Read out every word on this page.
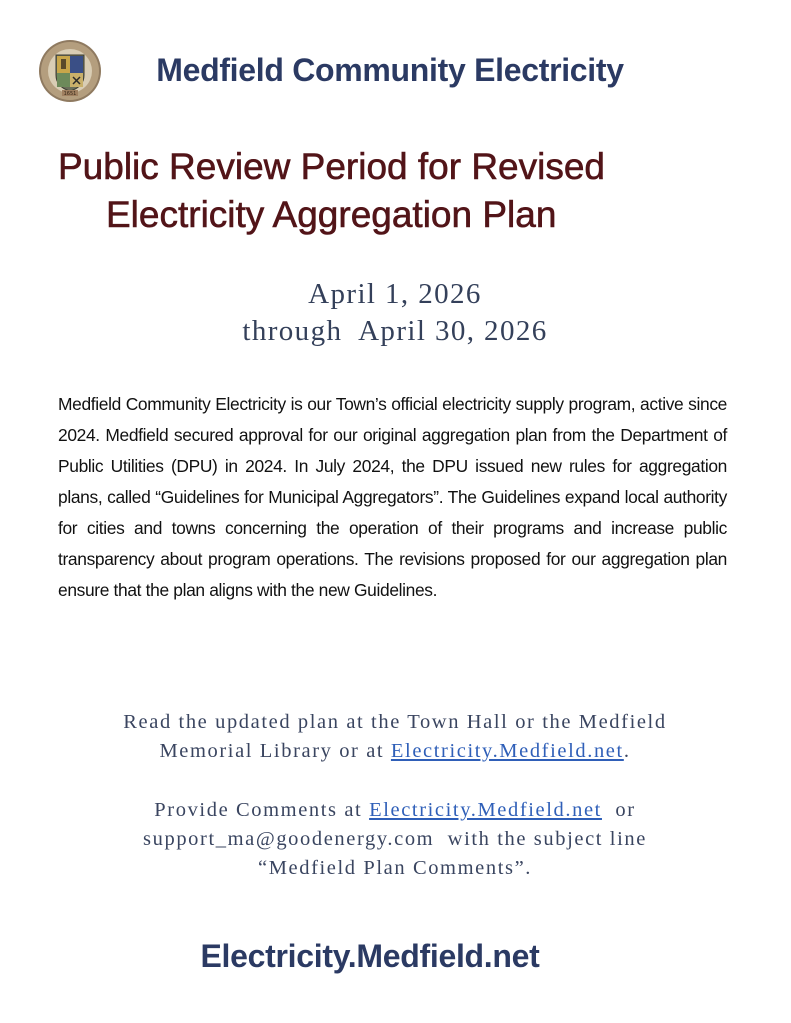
1651
Medfield Community Electricity
Public Review Period for Revised
Electricity Aggregation Plan
April 1, 2026
through  April 30, 2026

Medfield Community Electricity is our Town’s official electricity supply program, active since 2024. Medfield secured approval for our original aggregation plan from the Department of Public Utilities (DPU) in 2024. In July 2024, the DPU issued new rules for aggregation plans, called “Guidelines for Municipal Aggregators”. The Guidelines expand local authority for cities and towns concerning the operation of their programs and increase public transparency about program operations. The revisions proposed for our aggregation plan ensure that the plan aligns with the new Guidelines.

Read the updated plan at the Town Hall or the Medfield
Memorial Library or at Electricity.Medfield.net.

Provide Comments at Electricity.Medfield.net  or
support_ma@goodenergy.com  with the subject line
“Medfield Plan Comments”.

Electricity.Medfield.net
